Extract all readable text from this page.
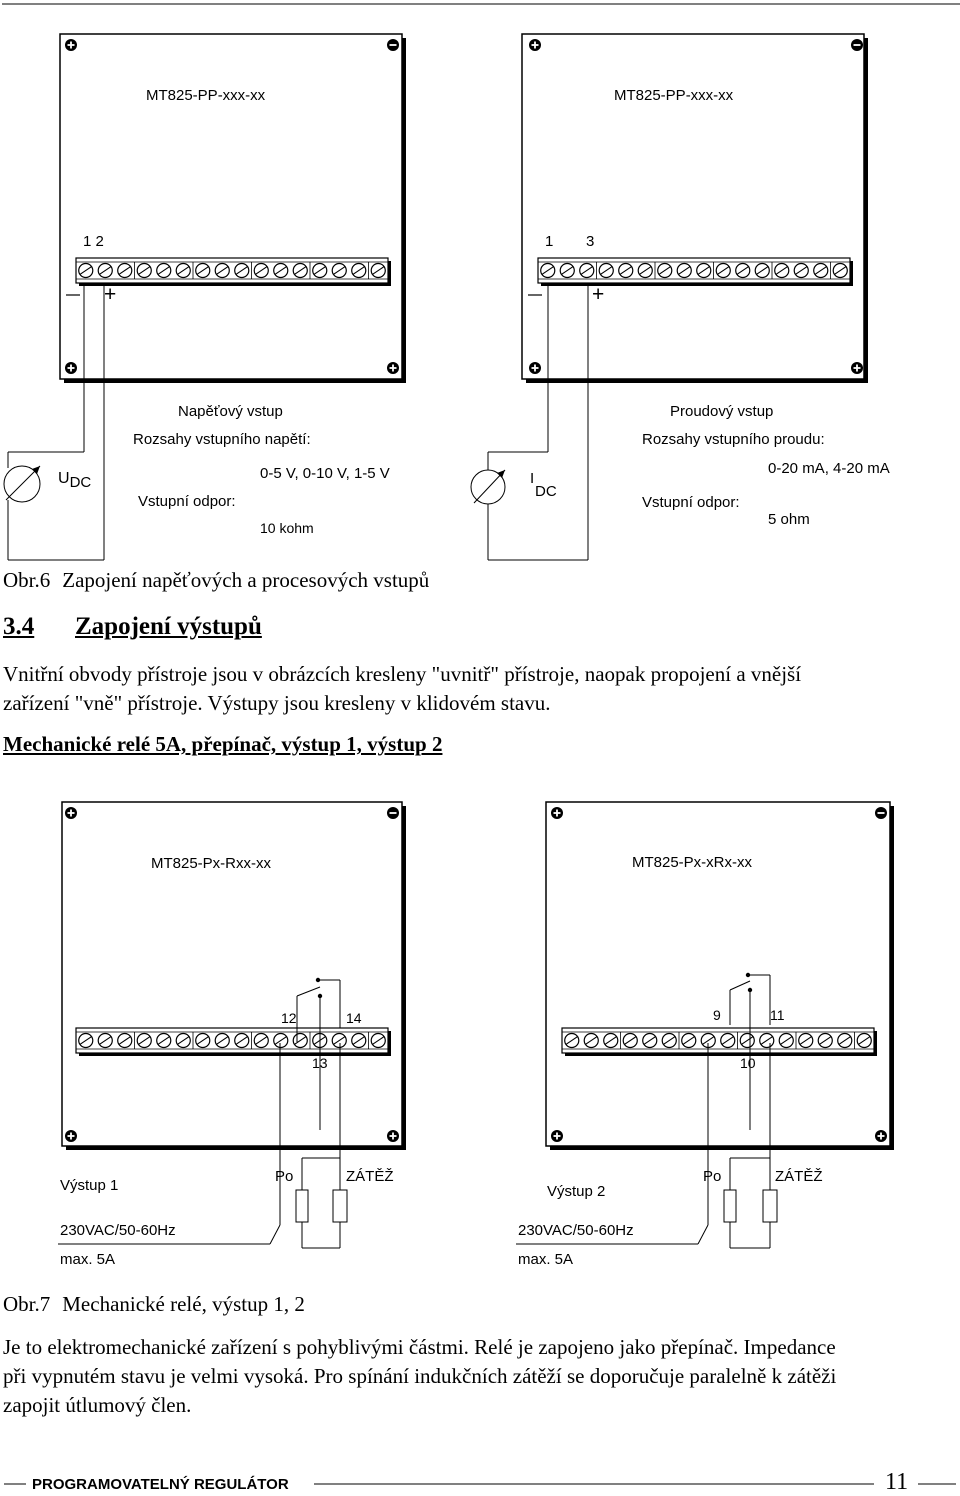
MT825-PP-xxx-xx	MT825-PP-xxx-xx
1 2	1 3
+	+
Napěťový vstup
Rozsahy vstupního napětí:
0-5 V, 0-10 V, 1-5 V
Vstupní odpor:
10 kohm
UDC
Proudový vstup
Rozsahy vstupního proudu:
0-20 mA, 4-20 mA
Vstupní odpor:
5 ohm
I
DC
Obr.6 Zapojení napěťových a procesových vstupů
3.4 Zapojení výstupů

Vnitřní obvody přístroje jsou v obrázcích kresleny "uvnitř" přístroje, naopak propojení a vnější
zařízení "vně" přístroje. Výstupy jsou kresleny v klidovém stavu.

Mechanické relé 5A, přepínač, výstup 1, výstup 2
MT825-Px-Rxx-xx	MT825-Px-xRx-xx
12	14
13
9	11
10
Výstup 1
Po	ZÁTĚŽ
230VAC/50-60Hz
max. 5A
Výstup 2
Po	ZÁTĚŽ
230VAC/50-60Hz
max. 5A
Obr.7 Mechanické relé, výstup 1, 2

Je to elektromechanické zařízení s pohyblivými částmi. Relé je zapojeno jako přepínač. Impedance
při vypnutém stavu je velmi vysoká. Pro spínání indukčních zátěží se doporučuje paralelně k zátěži
zapojit útlumový člen.

PROGRAMOVATELNÝ REGULÁTOR	11
